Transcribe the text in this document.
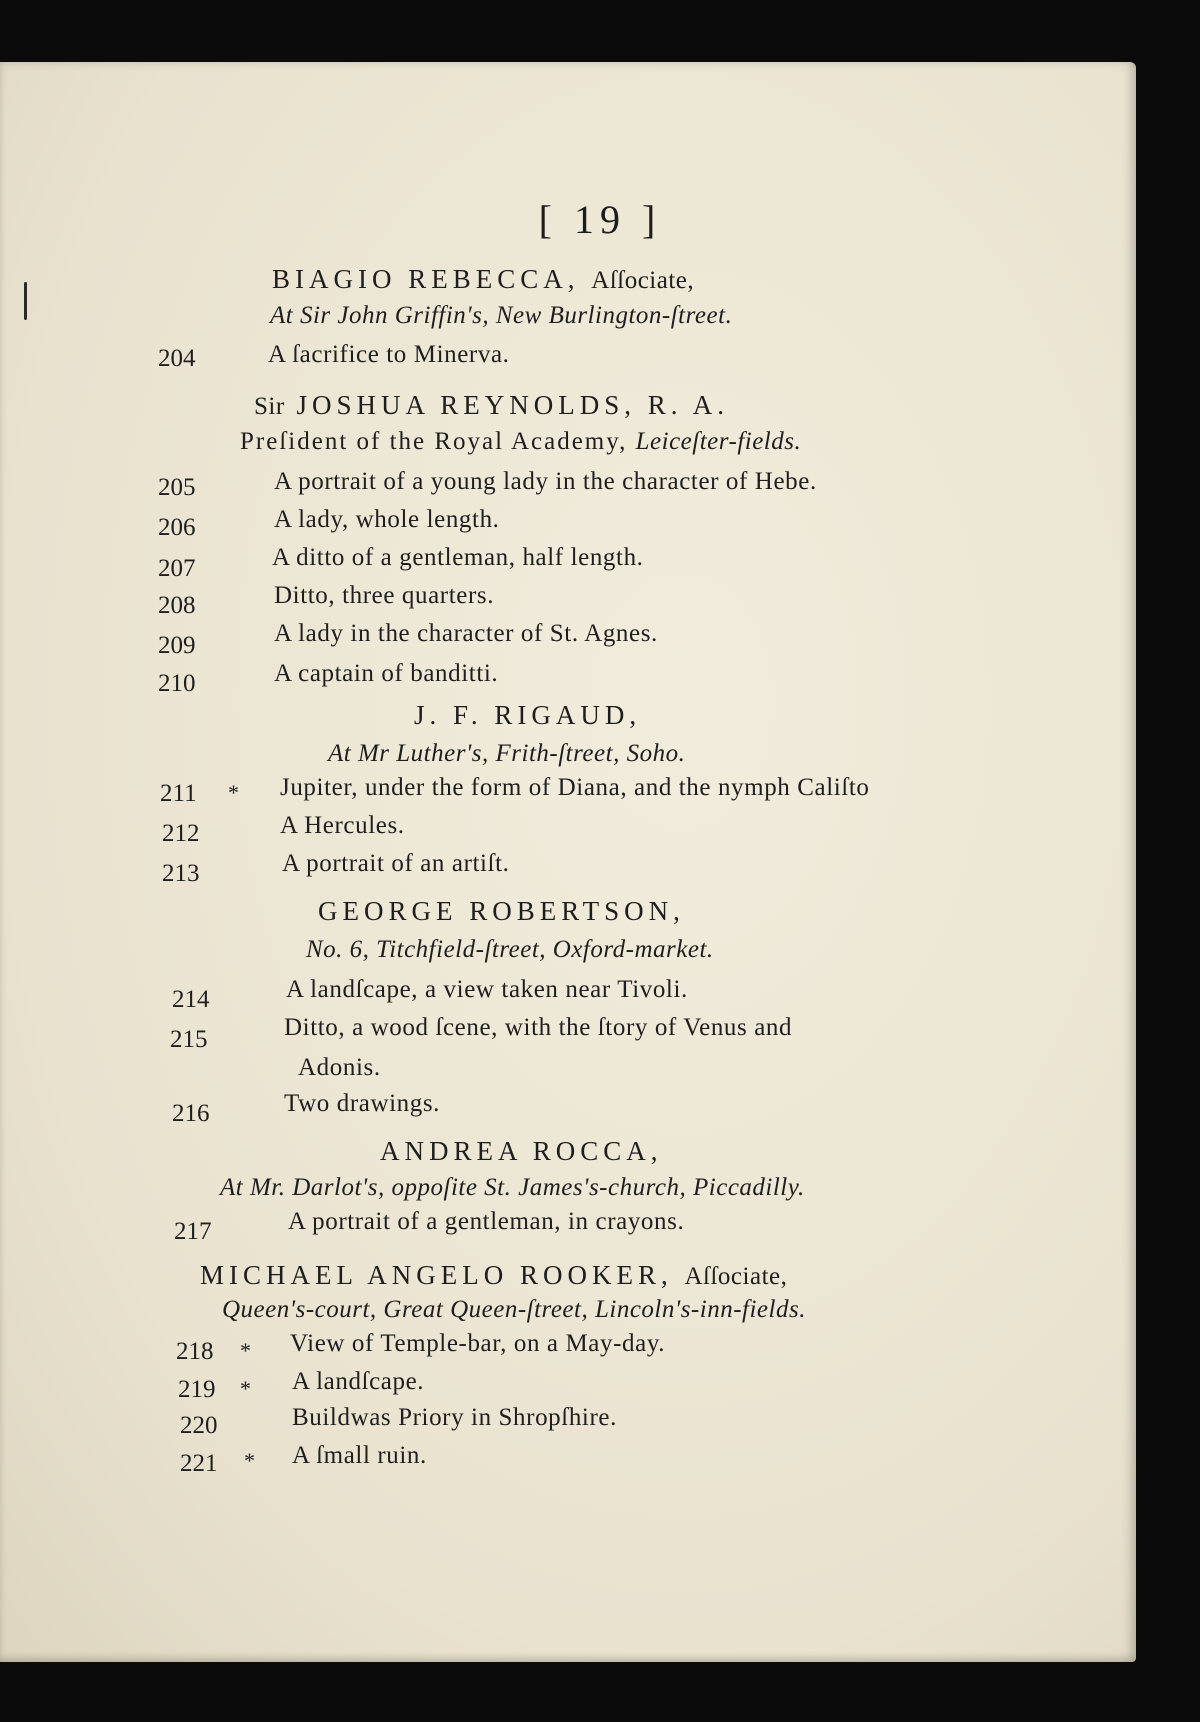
[ 19 ]
BIAGIO REBECCA, Aſſociate,
At Sir John Griffin's, New Burlington-ſtreet.
204	A ſacrifice to Minerva.
Sir JOSHUA REYNOLDS, R. A.
Preſident of the Royal Academy, Leiceſter-fields.
205	A portrait of a young lady in the character of Hebe.
206	A lady, whole length.
207	A ditto of a gentleman, half length.
208	Ditto, three quarters.
209	A lady in the character of St. Agnes.
210	A captain of banditti.
J. F. RIGAUD,
At Mr Luther's, Frith-ſtreet, Soho.
211 * Jupiter, under the form of Diana, and the nymph Caliſto
212	A Hercules.
213	A portrait of an artiſt.
GEORGE ROBERTSON,
No. 6, Titchfield-ſtreet, Oxford-market.
214	A landſcape, a view taken near Tivoli.
215	Ditto, a wood ſcene, with the ſtory of Venus and
Adonis.
216	Two drawings.
ANDREA ROCCA,
At Mr. Darlot's, oppoſite St. James's-church, Piccadilly.
217	A portrait of a gentleman, in crayons.
MICHAEL ANGELO ROOKER, Aſſociate,
Queen's-court, Great Queen-ſtreet, Lincoln's-inn-fields.
218 * View of Temple-bar, on a May-day.
219 * A landſcape.
220	Buildwas Priory in Shropſhire.
221 * A ſmall ruin.
